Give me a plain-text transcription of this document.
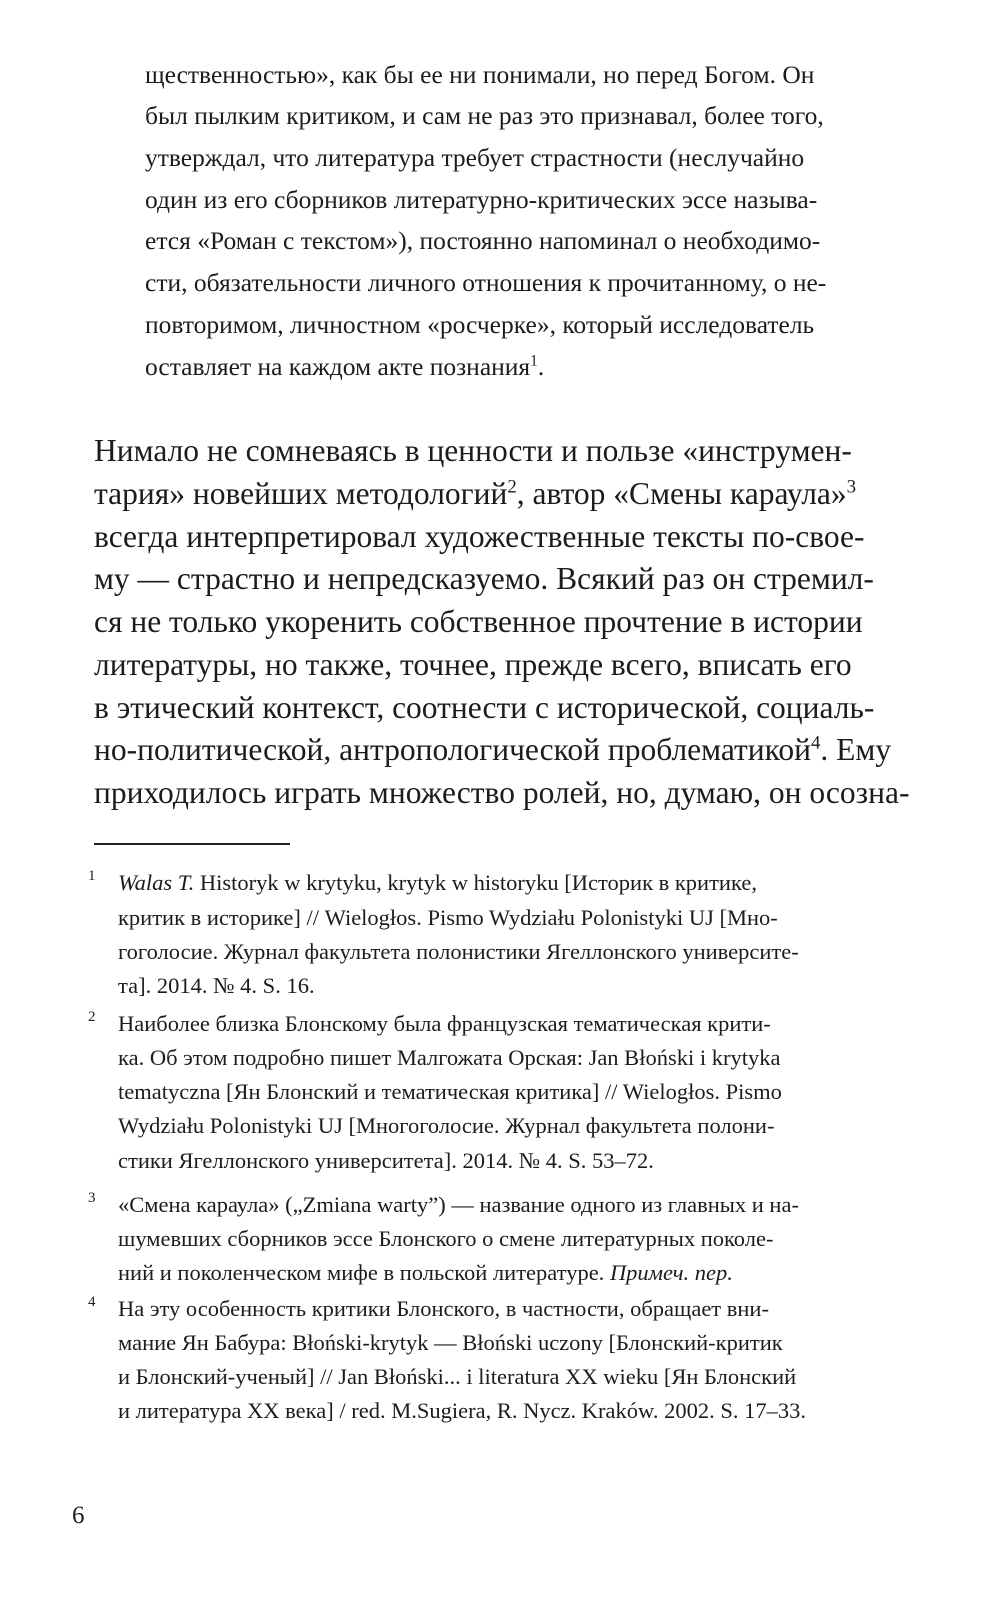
щественностью», как бы ее ни понимали, но перед Богом. Он
был пылким критиком, и сам не раз это признавал, более того,
утверждал, что литература требует страстности (неслучайно
один из его сборников литературно-критических эссе называ-
ется «Роман с текстом»), постоянно напоминал о необходимо-
сти, обязательности личного отношения к прочитанному, о не-
повторимом, личностном «росчерке», который исследователь
оставляет на каждом акте познания$^1$.
Нимало не сомневаясь в ценности и пользе «инструмен-
тария» новейших методологий$^2$, автор «Смены караула»$^3$
всегда интерпретировал художественные тексты по-свое-
му — страстно и непредсказуемо. Всякий раз он стремил-
ся не только укоренить собственное прочтение в истории
литературы, но также, точнее, прежде всего, вписать его
в этический контекст, соотнести с исторической, социаль-
но-политической, антропологической проблематикой$^4$. Ему
приходилось играть множество ролей, но, думаю, он осозна-
1 Walas T. Historyk w krytyku, krytyk w historyku [Историк в критике,
критик в историке] // Wielogłos. Pismo Wydziału Polonistyki UJ [Мно-
гоголосие. Журнал факультета полонистики Ягеллонского университе-
та]. 2014. № 4. S. 16.
2 Наиболее близка Блонскому была французская тематическая крити-
ка. Об этом подробно пишет Малгожата Орская: Jan Błoński i krytyka
tematyczna [Ян Блонский и тематическая критика] // Wielogłos. Pismo
Wydziału Polonistyki UJ [Многоголосие. Журнал факультета полони-
стики Ягеллонского университета]. 2014. № 4. S. 53–72.
3 «Смена караула» („Zmiana warty”) — название одного из главных и на-
шумевших сборников эссе Блонского о смене литературных поколе-
ний и поколенческом мифе в польской литературе. Примеч. пер.
4 На эту особенность критики Блонского, в частности, обращает вни-
мание Ян Бабура: Błoński-krytyk — Błoński uczony [Блонский-критик
и Блонский-ученый] // Jan Błoński... i literatura XX wieku [Ян Блонский
и литература XX века] / red. M.Sugiera, R. Nycz. Kraków. 2002. S. 17–33.
6
